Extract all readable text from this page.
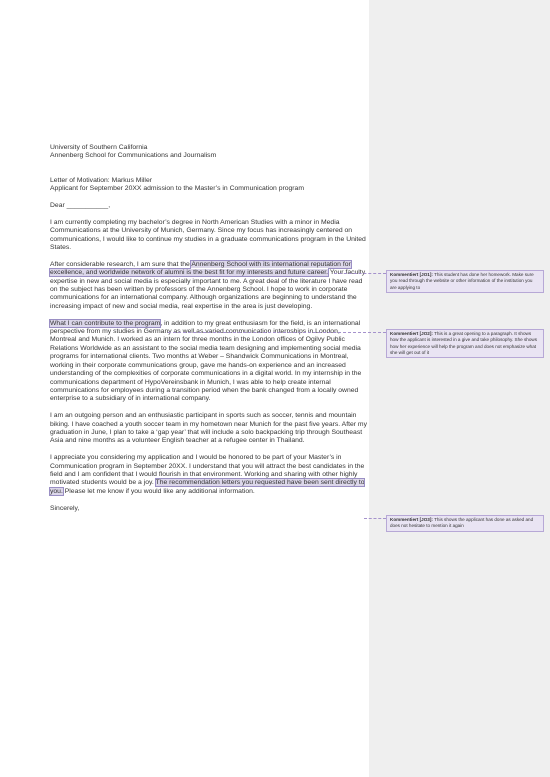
University of Southern California

Annenberg School for Communications and Journalism

Letter of Motivation: Markus Miller

Applicant for September 20XX admission to the Master’s in Communication program

Dear ___________,

I am currently completing my bachelor’s degree in North American Studies with a minor in Media Communications at the University of Munich, Germany. Since my focus has increasingly centered on communications, I would like to continue my studies in a graduate communications program in the United States.

After considerable research, I am sure that the Annenberg School with its international reputation for excellence, and worldwide network of alumni is the best fit for my interests and future career. Your faculty expertise in new and social media is especially important to me. A great deal of the literature I have read on the subject has been written by professors of the Annenberg School. I hope to work in corporate communications for an international company. Although organizations are beginning to understand the increasing impact of new and social media, real expertise in the area is just developing.

What I can contribute to the program, in addition to my great enthusiasm for the field, is an international perspective from my studies in Germany as well as varied communication internships in London, Montreal and Munich. I worked as an intern for three months in the London offices of Ogilvy Public Relations Worldwide as an assistant to the social media team designing and implementing social media programs for international clients. Two months at Weber – Shandwick Communications in Montreal, working in their corporate communications group, gave me hands-on experience and an increased understanding of the complexities of corporate communications in a digital world. In my internship in the communications department of HypoVereinsbank in Munich, I was able to help create internal communications for employees during a transition period when the bank changed from a locally owned enterprise to a subsidiary of in international company.

I am an outgoing person and an enthusiastic participant in sports such as soccer, tennis and mountain biking. I have coached a youth soccer team in my hometown near Munich for the past five years. After my graduation in June, I plan to take a ‘gap year’ that will include a solo backpacking trip through Southeast Asia and nine months as a volunteer English teacher at a refugee center in Thailand.

I appreciate you considering my application and I would be honored to be part of your Master’s in Communication program in September 20XX. I understand that you will attract the best candidates in the field and I am confident that I would flourish in that environment. Working and sharing with other highly motivated students would be a joy. The recommendation letters you requested have been sent directly to you. Please let me know if you would like any additional information.

Sincerely,

Kommentiert [JO1]: This student has done her homework. Make sure you read through the website or other information of the institution you are applying to
Kommentiert [JO2]: This is a great opening to a paragraph. It shows how the applicant is interested in a give and take philosophy. She shows how her experience will help the program and does not emphasize what she will get out of it
Kommentiert [JO3]: This shows the applicant has done as asked and does not hesitate to mention it again
